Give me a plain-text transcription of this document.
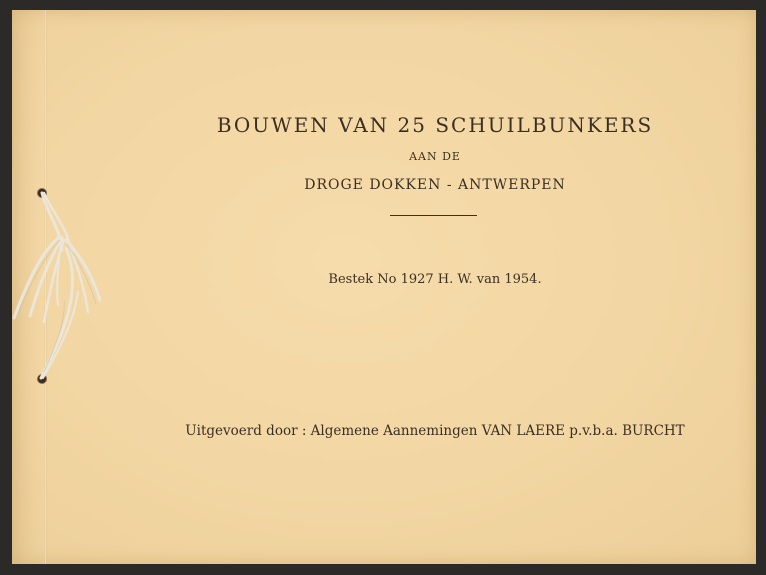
BOUWEN VAN 25 SCHUILBUNKERS
AAN DE
DROGE DOKKEN - ANTWERPEN
Bestek No 1927 H. W. van 1954.
Uitgevoerd door : Algemene Aannemingen VAN LAERE p.v.b.a. BURCHT
